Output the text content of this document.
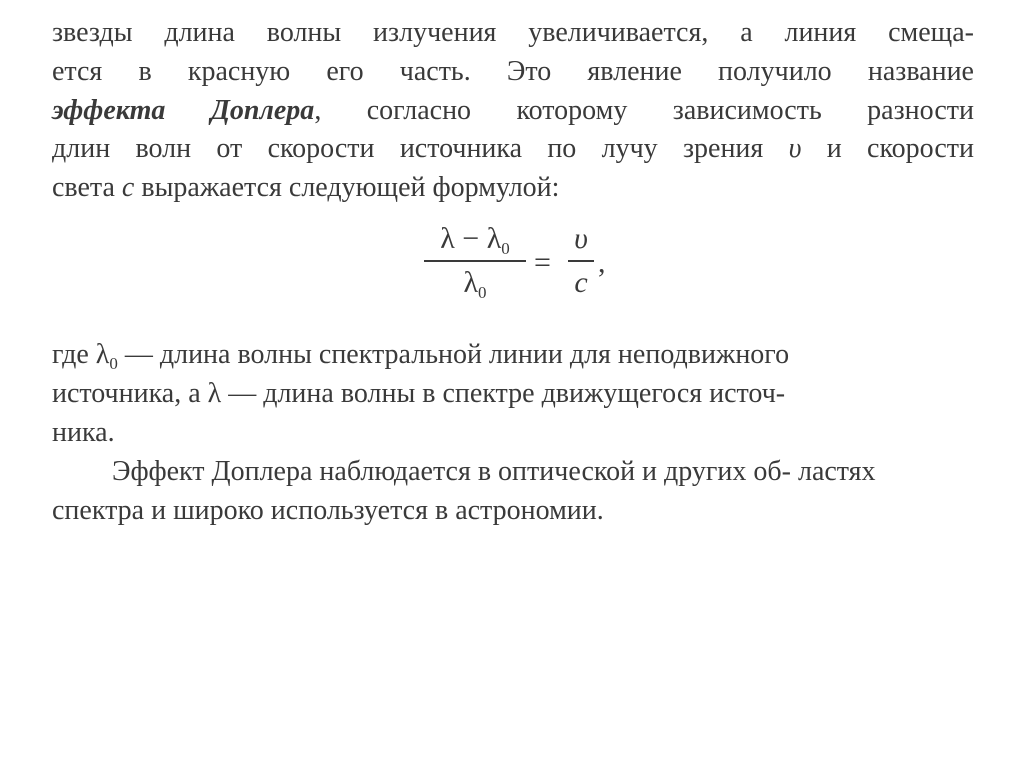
звезды длина волны излучения увеличивается, а линия смеща-
ется в красную его часть. Это явление получило название
эффекта Доплера, согласно которому зависимость разности
длин волн от скорости источника по лучу зрения υ и скорости
света c выражается следующей формулой:
$\lambda - \lambda_0$
$\lambda_0$
=
υ
c
,
где $\lambda_0$ — длина волны спектральной линии для неподвижного
источника, а λ — длина волны в спектре движущегося источ-
ника.
Эффект Доплера наблюдается в оптической и других об- ластях спектра и широко используется в астрономии.
